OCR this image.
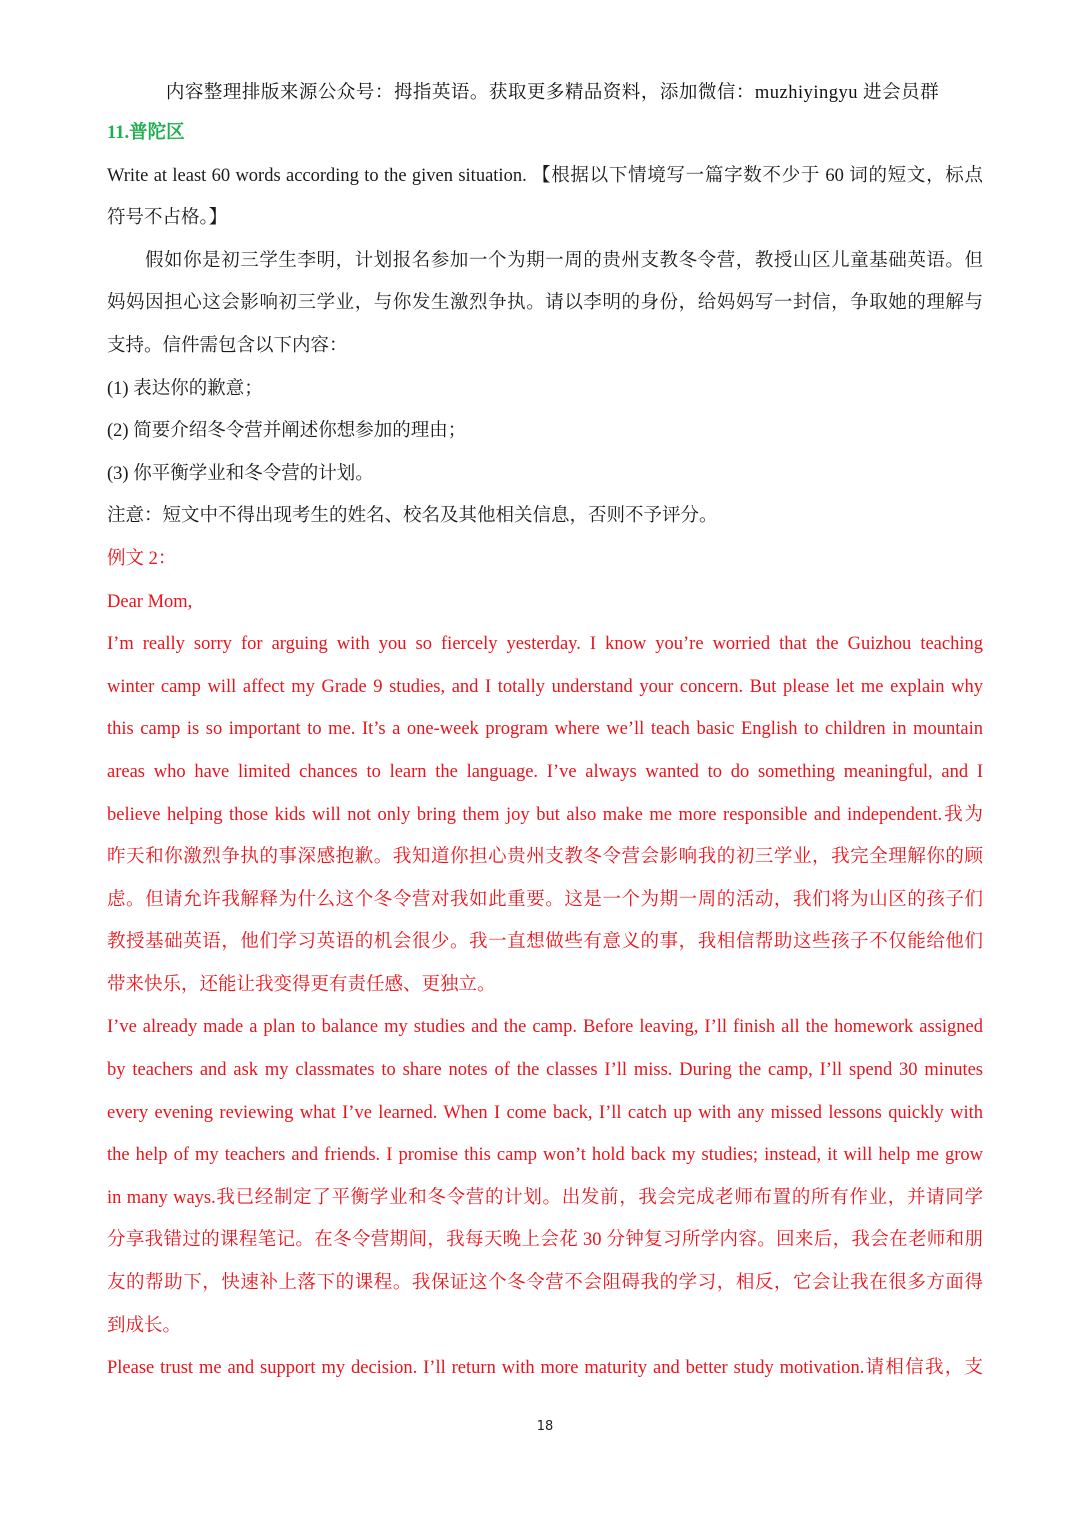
内容整理排版来源公众号：拇指英语。获取更多精品资料，添加微信：muzhiyingyu 进会员群
11.普陀区
Write at least 60 words according to the given situation. 【根据以下情境写一篇字数不少于 60 词的短文，标点
符号不占格。】
假如你是初三学生李明，计划报名参加一个为期一周的贵州支教冬令营，教授山区儿童基础英语。但
妈妈因担心这会影响初三学业，与你发生激烈争执。请以李明的身份，给妈妈写一封信，争取她的理解与
支持。信件需包含以下内容：
(1) 表达你的歉意；
(2) 简要介绍冬令营并阐述你想参加的理由；
(3) 你平衡学业和冬令营的计划。
注意：短文中不得出现考生的姓名、校名及其他相关信息，否则不予评分。
例文 2：
Dear Mom,
I’m really sorry for arguing with you so fiercely yesterday. I know you’re worried that the Guizhou teaching
winter camp will affect my Grade 9 studies, and I totally understand your concern. But please let me explain why
this camp is so important to me. It’s a one-week program where we’ll teach basic English to children in mountain
areas who have limited chances to learn the language. I’ve always wanted to do something meaningful, and I
believe helping those kids will not only bring them joy but also make me more responsible and independent.我为
昨天和你激烈争执的事深感抱歉。我知道你担心贵州支教冬令营会影响我的初三学业，我完全理解你的顾
虑。但请允许我解释为什么这个冬令营对我如此重要。这是一个为期一周的活动，我们将为山区的孩子们
教授基础英语，他们学习英语的机会很少。我一直想做些有意义的事，我相信帮助这些孩子不仅能给他们
带来快乐，还能让我变得更有责任感、更独立。
I’ve already made a plan to balance my studies and the camp. Before leaving, I’ll finish all the homework assigned
by teachers and ask my classmates to share notes of the classes I’ll miss. During the camp, I’ll spend 30 minutes
every evening reviewing what I’ve learned. When I come back, I’ll catch up with any missed lessons quickly with
the help of my teachers and friends. I promise this camp won’t hold back my studies; instead, it will help me grow
in many ways.我已经制定了平衡学业和冬令营的计划。出发前，我会完成老师布置的所有作业，并请同学
分享我错过的课程笔记。在冬令营期间，我每天晚上会花 30 分钟复习所学内容。回来后，我会在老师和朋
友的帮助下，快速补上落下的课程。我保证这个冬令营不会阻碍我的学习，相反，它会让我在很多方面得
到成长。
Please trust me and support my decision. I’ll return with more maturity and better study motivation.请相信我，支
18
